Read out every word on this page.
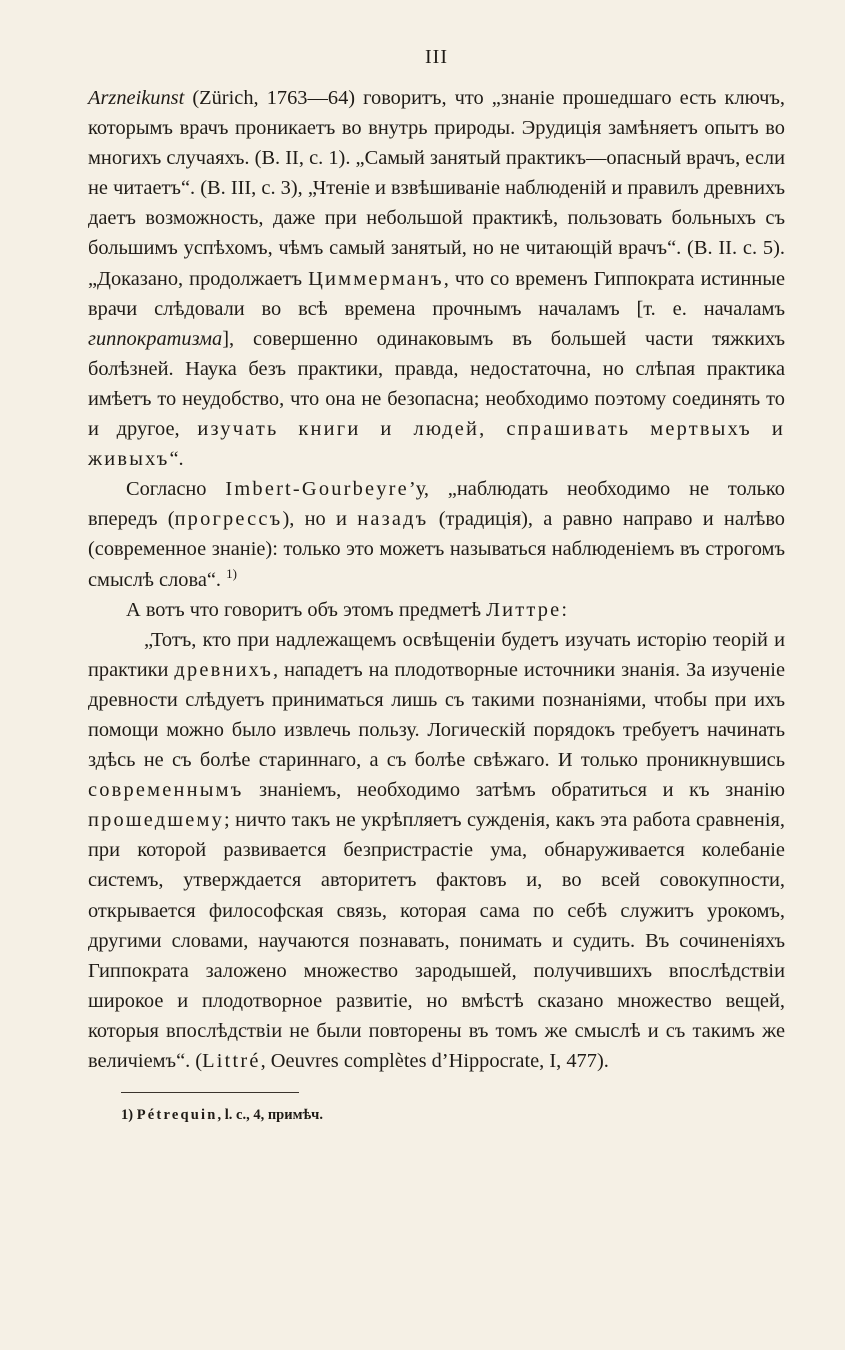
III

Arzneikunst (Zürich, 1763—64) говоритъ, что „знанiе прошедшаго есть ключъ, которымъ врачъ проникаетъ во внутрь природы. Эрудицiя замѣняетъ опытъ во многихъ случаяхъ. (В. II, с. 1). „Самый занятый практикъ—опасный врачъ, если не читаетъ“. (В. III, с. 3), „Чтенiе и взвѣшиванiе наблюденiй и правилъ древнихъ даетъ возможность, даже при небольшой практикѣ, пользовать больныхъ съ большимъ успѣхомъ, чѣмъ самый занятый, но не читающiй врачъ“. (В. II. с. 5). „Доказано, продолжаетъ Циммерманъ, что со временъ Гиппократа истинные врачи слѣдовали во всѣ времена прочнымъ началамъ [т. е. началамъ гиппократизма], совершенно одинаковымъ въ большей части тяжкихъ болѣзней. Наука безъ практики, правда, недостаточна, но слѣпая практика имѣетъ то неудобство, что она не безопасна; необходимо поэтому соединять то и другое, изучать книги и людей, спрашивать мертвыхъ и живыхъ“.

Согласно Imbert-Gourbeyre’у, „наблюдать необходимо не только впередъ (прогрессъ), но и назадъ (традицiя), а равно направо и налѣво (современное знанiе): только это можетъ называться наблюденiемъ въ строгомъ смыслѣ слова“. $^{1)}$

А вотъ что говоритъ объ этомъ предметѣ Литтре:

„Тотъ, кто при надлежащемъ освѣщенiи будетъ изучать исторiю теорiй и практики древнихъ, нападетъ на плодотворные источники знанiя. За изученiе древности слѣдуетъ приниматься лишь съ такими познанiями, чтобы при ихъ помощи можно было извлечь пользу. Логическiй порядокъ требуетъ начинать здѣсь не съ болѣе стариннаго, а съ болѣе свѣжаго. И только проникнувшись современнымъ знанiемъ, необходимо затѣмъ обратиться и къ знанiю прошедшему; ничто такъ не укрѣпляетъ сужденiя, какъ эта работа сравненiя, при которой развивается безпристрастiе ума, обнаруживается колебанiе системъ, утверждается авторитетъ фактовъ и, во всей совокупности, открывается философская связь, которая сама по себѣ служитъ урокомъ, другими словами, научаются познавать, понимать и судить. Въ сочиненiяхъ Гиппократа заложено множество зародышей, получившихъ впослѣдствiи широкое и плодотворное развитiе, но вмѣстѣ сказано множество вещей, которыя впослѣдствiи не были повторены въ томъ же смыслѣ и съ такимъ же величiемъ“. (Littré, Oeuvres complètes d’Hippocrate, I, 477).

1) Pétrequin, l. c., 4, примѣч.
